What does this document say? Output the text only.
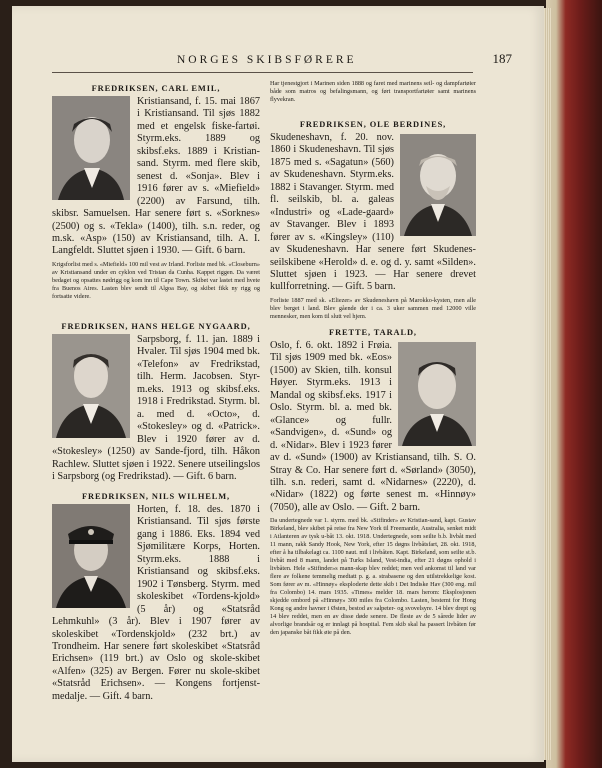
NORGES SKIBSFØRERE	187
FREDRIKSEN, CARL EMIL,

Kristiansand, f. 15. mai 1867 i Kristiansand. Til sjøs 1882 med et engelsk fiske-fartøi. Styrm.eks. 1889 og skibsf.eks. 1889 i Kristian-sand. Styrm. med flere skib, senest d. «Sonja». Blev i 1916 fører av s. «Miefield» (2200) av Farsund, tilh. skibsr. Samuelsen. Har senere ført s. «Sorknes» (2500) og s. «Tekla» (1400), tilh. s.n. reder, og m.sk. «Asp» (150) av Kristiansand, tilh. A. I. Langfeldt. Sluttet sjøen i 1930. — Gift. 6 barn.

Krigsforlist med s. «Miefield» 100 mil vest av Irland. Forliste med bk. «Closeburn» av Kristiansand under en cyklon ved Tristan da Cunha. Kappet riggen. Da været bedaget og opsattes nødrigg og kom inn til Cape Town. Skibet var lastet med hvete fra Buenos Aires. Lasten blev sendt til Algoa Bay, og skibet fikk ny rigg og fortsatte videre.

FREDRIKSEN, HANS HELGE NYGAARD,

Sarpsborg, f. 11. jan. 1889 i Hvaler. Til sjøs 1904 med bk. «Telefon» av Fredrikstad, tilh. Herm. Jacobsen. Styr-m.eks. 1913 og skibsf.eks. 1918 i Fredrikstad. Styrm. bl. a. med d. «Octo», d. «Stokesley» og d. «Patrick». Blev i 1920 fører av d. «Stokesley» (1250) av Sande-fjord, tilh. Håkon Rachlew. Sluttet sjøen i 1922. Senere utseilingslos i Sarpsborg (og Fredrikstad). — Gift. 6 barn.

FREDRIKSEN, NILS WILHELM,

Horten, f. 18. des. 1870 i Kristiansand. Til sjøs første gang i 1886. Eks. 1894 ved Sjømilitære Korps, Horten. Styrm.eks. 1888 i Kristiansand og skibsf.eks. 1902 i Tønsberg. Styrm. med skoleskibet «Tordens-kjold» (5 år) og «Statsråd Lehmkuhl» (3 år). Blev i 1907 fører av skoleskibet «Tordenskjold» (232 brt.) av Trondheim. Har senere ført skoleskibet «Statsråd Erichsen» (119 brt.) av Oslo og skole-skibet «Alfen» (325) av Bergen. Fører nu skole-skibet «Statsråd Erichsen». — Kongens fortjenst-medalje. — Gift. 4 barn.

Har tjenestgjort i Marinen siden 1888 og faret med marinens seil- og dampfartøier både som matros og befalingsmann, og ført transportfartøier samt marinens flyvekran.

FREDRIKSEN, OLE BERDINES,

Skudeneshavn, f. 20. nov. 1860 i Skudeneshavn. Til sjøs 1875 med s. «Sagatun» (560) av Skudeneshavn. Styrm.eks. 1882 i Stavanger. Styrm. med fl. seilskib, bl. a. galeas «Industri» og «Lade-gaard» av Stavanger. Blev i 1893 fører av s. «Kingsley» (110) av Skudeneshavn. Har senere ført Skudenes-seilskibene «Herold» d. e. og d. y. samt «Silden». Sluttet sjøen i 1923. — Har senere drevet kullforretning. — Gift. 5 barn.

Forliste 1887 med sk. «Eliezer» av Skudeneshavn på Marokko-kysten, men alle blev berget i land. Blev gående der i ca. 3 uker sammen med 12000 ville mennesker, men kom til slutt vel hjem.

FRETTE, TARALD,

Oslo, f. 6. okt. 1892 i Frøia. Til sjøs 1909 med bk. «Eos» (1500) av Skien, tilh. konsul Høyer. Styrm.eks. 1913 i Mandal og skibsf.eks. 1917 i Oslo. Styrm. bl. a. med bk. «Glance» og fullr. «Sandvigen», d. «Sund» og d. «Nidar». Blev i 1923 fører av d. «Sund» (1900) av Kristiansand, tilh. S. O. Stray & Co. Har senere ført d. «Sørland» (3050), tilh. s.n. rederi, samt d. «Nidarnes» (2220), d. «Nidar» (1822) og førte senest m. «Hinnøy» (7050), alle av Oslo. — Gift. 2 barn.

Da undertegnede var 1. styrm. med bk. «Stifinder» av Kristian-sand, kapt. Gustav Birkeland, blev skibet på reise fra New York til Freemantle, Australia, senket midt i Atlanteren av tysk u-båt 13. okt. 1918. Undertegnede, som seilte b.b. livbåt med 11 mann, rakk Sandy Hook, New York, efter 15 døgns livbåtsfart, 28. okt. 1918, efter å ha tilbakelagt ca. 1100 naut. mil i livbåten. Kapt. Birkeland, som seilte st.b. livbåt med 8 mann, landet på Turks Island, Vest-india, efter 21 døgns ophold i livbåten. Hele «Stifinder»s mann-skap blev reddet; men ved ankomst til land var flere av folkene temmelig medtatt p. g. a. strabasene og den utilstrekkelige kost. Som fører av m. «Hinnøy» eksploderte dette skib i Det Indiske Hav (300 eng. mil fra Colombo) 14. mars 1935. «Times» melder 18. mars herom: Eksplosjonen skjedde ombord på «Hinnøy» 300 miles fra Colombo. Lasten, bestemt for Hong Kong og andre havner i Østen, bestod av salpeter- og svovelsyre. 14 blev drept og 14 blev reddet, men en av disse døde senere. De fleste av de 5 sårede lider av alvorlige brandsår og er innlagt på hospital. Fem skib skal ha passert livbåten før den japanske båt fikk øie på den.
